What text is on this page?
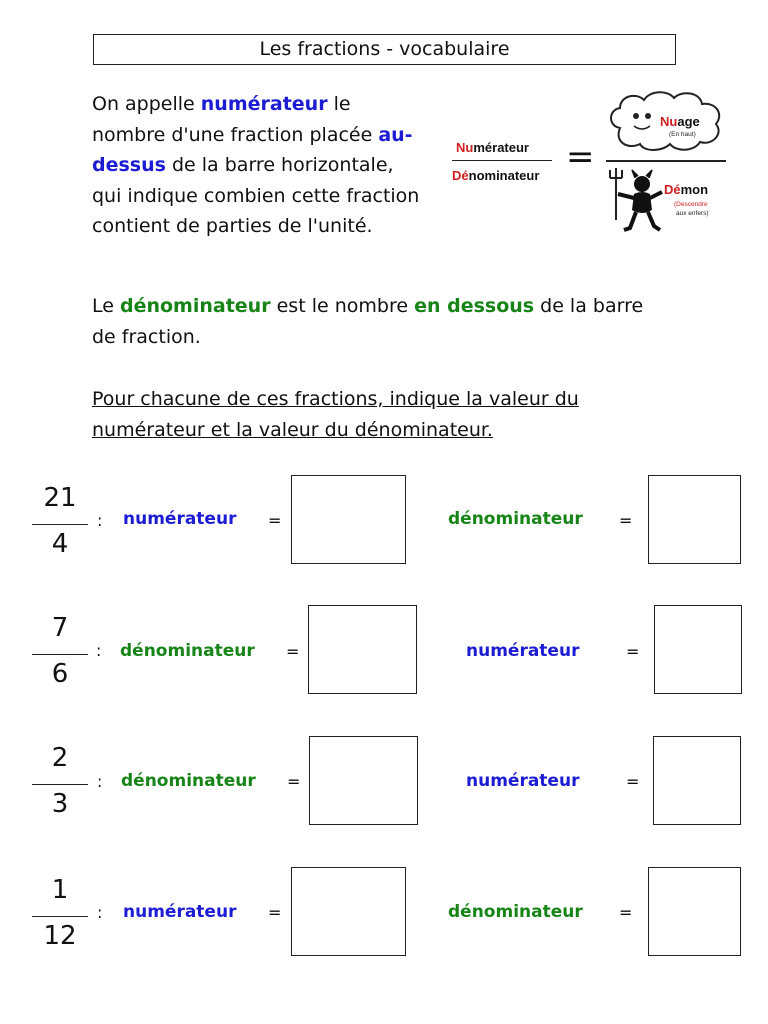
Les fractions - vocabulaire
On appelle numérateur le nombre d'une fraction placée au-dessus de la barre horizontale, qui indique combien cette fraction contient de parties de l'unité.
Numérateur
Dénominateur =
Nuage
(En haut)
Démon
(Descendre
aux enfers)
Le dénominateur est le nombre en dessous de la barre de fraction.
Pour chacune de ces fractions, indique la valeur du numérateur et la valeur du dénominateur.
21
4
: numérateur =	dénominateur =
7
6
: dénominateur =	numérateur	=
2
3
: dénominateur =	numérateur	=
1
12
: numérateur =	dénominateur =
